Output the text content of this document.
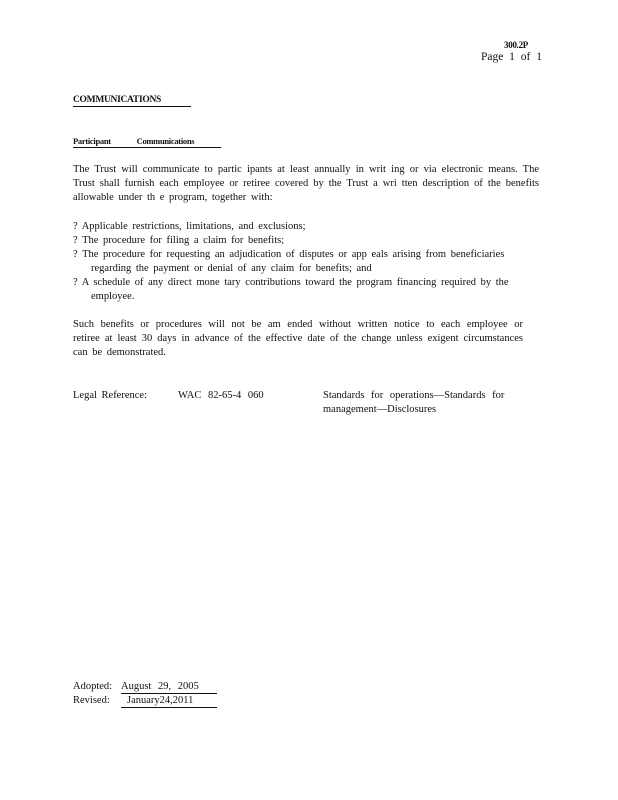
300.2P
Page 1 of 1
COMMUNICATIONS
Participant Communications

The Trust will communicate to partic ipants at least annually in writ ing or via electronic means. The Trust shall furnish each employee or retiree covered by the Trust a wri tten description of the benefits allowable under th e program, together with:

? Applicable restrictions, limitations, and exclusions;
? The procedure for filing a claim for benefits;
? The procedure for requesting an adjudication of disputes or app eals arising from beneficiaries regarding the payment or denial of any claim for benefits; and
? A schedule of any direct mone tary contributions toward the program financing required by the employee.

Such benefits or procedures will not be am ended without written notice to each employee or retiree at least 30 days in advance of the effective date of the change unless exigent circumstances can be demonstrated.

Legal Reference:	WAC 82-65-4 060	Standards for operations—Standards for management—Disclosures
Adopted: August 29, 2005
Revised:	January24,2011
